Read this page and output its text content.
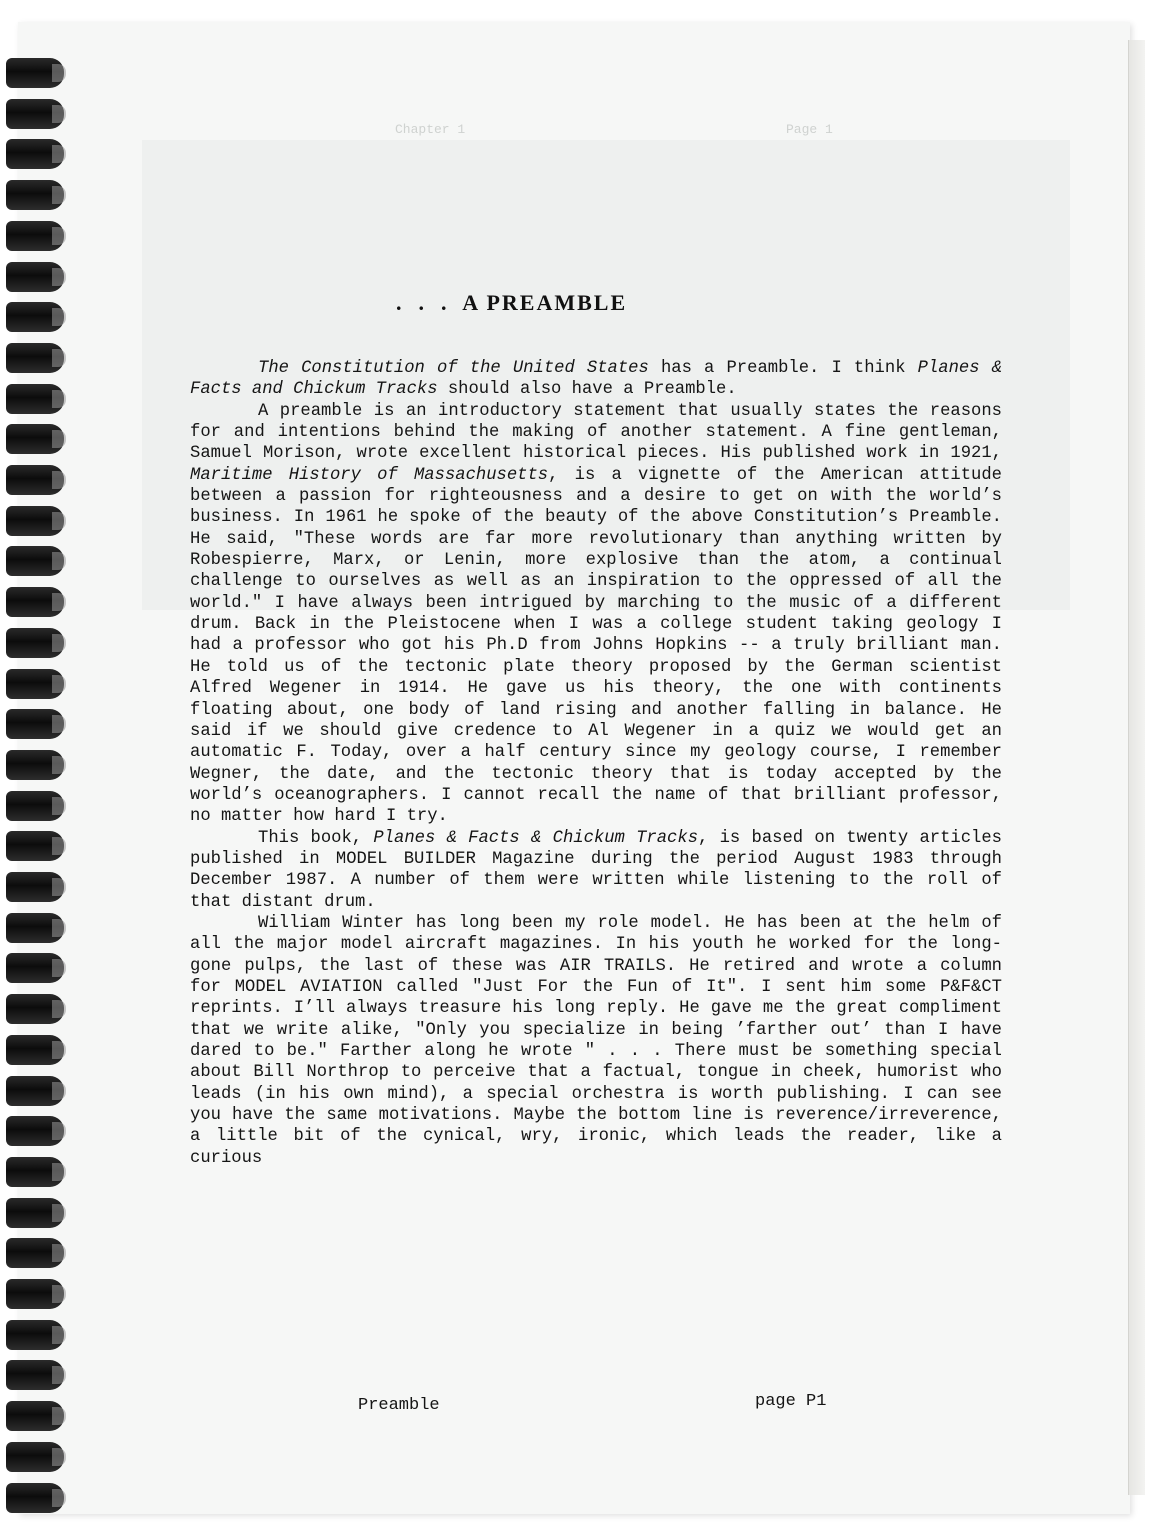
Chapter 1	Page 1
.  .  .  A PREAMBLE

The Constitution of the United States has a Preamble. I think Planes & Facts and Chickum Tracks should also have a Preamble.

A preamble is an introductory statement that usually states the reasons for and intentions behind the making of another statement. A fine gentleman, Samuel Morison, wrote excellent historical pieces. His published work in 1921, Maritime History of Massachusetts, is a vignette of the American attitude between a passion for righteousness and a desire to get on with the world’s business. In 1961 he spoke of the beauty of the above Constitution’s Preamble. He said, "These words are far more revolutionary than anything written by Robespierre, Marx, or Lenin, more explosive than the atom, a continual challenge to ourselves as well as an inspiration to the oppressed of all the world." I have always been intrigued by marching to the music of a different drum. Back in the Pleistocene when I was a college student taking geology I had a professor who got his Ph.D from Johns Hopkins -- a truly brilliant man. He told us of the tectonic plate theory proposed by the German scientist Alfred Wegener in 1914. He gave us his theory, the one with continents floating about, one body of land rising and another falling in balance. He said if we should give credence to Al Wegener in a quiz we would get an automatic F. Today, over a half century since my geology course, I remember Wegner, the date, and the tectonic theory that is today accepted by the world’s oceanographers. I cannot recall the name of that brilliant professor, no matter how hard I try.

This book, Planes & Facts & Chickum Tracks, is based on twenty articles published in MODEL BUILDER Magazine during the period August 1983 through December 1987. A number of them were written while listening to the roll of that distant drum.

William Winter has long been my role model. He has been at the helm of all the major model aircraft magazines. In his youth he worked for the long-gone pulps, the last of these was AIR TRAILS. He retired and wrote a column for MODEL AVIATION called "Just For the Fun of It". I sent him some P&F&CT reprints. I’ll always treasure his long reply. He gave me the great compliment that we write alike, "Only you specialize in being ’farther out’ than I have dared to be." Farther along he wrote " . . . There must be something special about Bill Northrop to perceive that a factual, tongue in cheek, humorist who leads (in his own mind), a special orchestra is worth publishing. I can see you have the same motivations. Maybe the bottom line is reverence/irreverence, a little bit of the cynical, wry, ironic, which leads the reader, like a curious

Preamble	page P1
